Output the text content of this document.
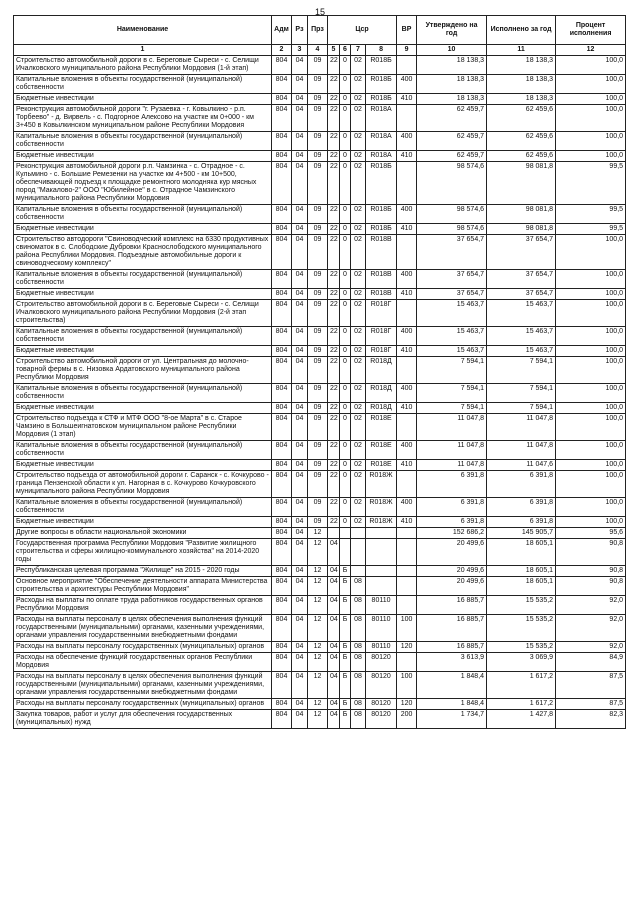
15
Наименование	Адм	Рз	Прз	Цср				ВР	Утверждено на год	Исполнено за год	Процент исполнения
1	2	3	4	5	6	7	8	9	10	11	12
Строительство автомобильной дороги в с. Береговые Сыреси - с. Селищи Ичалковского муниципального района Республики Мордовия (1-й этап)	804	04	09	22	0	02	R018Б		18 138,3	18 138,3	100,0
Капитальные вложения в объекты государственной (муниципальной) собственности	804	04	09	22	0	02	R018Б	400	18 138,3	18 138,3	100,0
Бюджетные инвестиции	804	04	09	22	0	02	R018Б	410	18 138,3	18 138,3	100,0
Реконструкция автомобильной дороги "г. Рузаевка - г. Ковылкино - р.п. Торбеево" - д. Вирвель - с. Подгорное Алексово на участке км 0+000 - км 3+450 в Ковылкинском муниципальном районе Республики Мордовия	804	04	09	22	0	02	R018А		62 459,7	62 459,6	100,0
Капитальные вложения в объекты государственной (муниципальной) собственности	804	04	09	22	0	02	R018А	400	62 459,7	62 459,6	100,0
Бюджетные инвестиции	804	04	09	22	0	02	R018А	410	62 459,7	62 459,6	100,0
Реконструкция автомобильной дороги р.п. Чамзинка - с. Отрадное - с. Кульмино - с. Большие Ремезенки на участке км 4+500 - км 10+500, обеспечивающей подъезд к площадке ремонтного молодняка кур мясных пород "Макалово-2" ООО "Юбилейное" в с. Отрадное Чамзинского муниципального района Республики Мордовия	804	04	09	22	0	02	R018Б		98 574,6	98 081,8	99,5
Капитальные вложения в объекты государственной (муниципальной) собственности	804	04	09	22	0	02	R018Б	400	98 574,6	98 081,8	99,5
Бюджетные инвестиции	804	04	09	22	0	02	R018Б	410	98 574,6	98 081,8	99,5
Строительство автодороги "Свиноводческий комплекс на 6330 продуктивных свиноматок в с. Слободские Дубровки Краснослободского муниципального района Республики Мордовия. Подъездные автомобильные дороги к свиноводческому комплексу"	804	04	09	22	0	02	R018В		37 654,7	37 654,7	100,0
Капитальные вложения в объекты государственной (муниципальной) собственности	804	04	09	22	0	02	R018В	400	37 654,7	37 654,7	100,0
Бюджетные инвестиции	804	04	09	22	0	02	R018В	410	37 654,7	37 654,7	100,0
Строительство автомобильной дороги в с. Береговые Сыреси - с. Селищи Ичалковского муниципального района Республики Мордовия (2-й этап строительства)	804	04	09	22	0	02	R018Г		15 463,7	15 463,7	100,0
Капитальные вложения в объекты государственной (муниципальной) собственности	804	04	09	22	0	02	R018Г	400	15 463,7	15 463,7	100,0
Бюджетные инвестиции	804	04	09	22	0	02	R018Г	410	15 463,7	15 463,7	100,0
Строительство автомобильной дороги от ул. Центральная до молочно-товарной фермы в с. Низовка Ардатовского муниципального района Республики Мордовия	804	04	09	22	0	02	R018Д		7 594,1	7 594,1	100,0
Капитальные вложения в объекты государственной (муниципальной) собственности	804	04	09	22	0	02	R018Д	400	7 594,1	7 594,1	100,0
Бюджетные инвестиции	804	04	09	22	0	02	R018Д	410	7 594,1	7 594,1	100,0
Строительство подъезда к СТФ и МТФ ООО "8-ое Марта" в с. Старое Чамзино в Большеигнатовском муниципальном районе Республики Мордовия (1 этап)	804	04	09	22	0	02	R018Е		11 047,8	11 047,8	100,0
Капитальные вложения в объекты государственной (муниципальной) собственности	804	04	09	22	0	02	R018Е	400	11 047,8	11 047,8	100,0
Бюджетные инвестиции	804	04	09	22	0	02	R018Е	410	11 047,8	11 047,6	100,0
Строительство подъезда от автомобильной дороги г. Саранск - с. Кочкурово - граница Пензенской области к ул. Нагорная в с. Кочкурово Кочкуровского муниципального района Республики Мордовия	804	04	09	22	0	02	R018Ж		6 391,8	6 391,8	100,0
Капитальные вложения в объекты государственной (муниципальной) собственности	804	04	09	22	0	02	R018Ж	400	6 391,8	6 391,8	100,0
Бюджетные инвестиции	804	04	09	22	0	02	R018Ж	410	6 391,8	6 391,8	100,0
Другие вопросы в области национальной экономики	804	04	12						152 686,2	145 905,7	95,6
Государственная программа Республики Мордовия "Развитие жилищного строительства и сферы жилищно-коммунального хозяйства" на 2014-2020 годы	804	04	12	04					20 499,6	18 605,1	90,8
Республиканская целевая программа "Жилище" на 2015 - 2020 годы	804	04	12	04	Б				20 499,6	18 605,1	90,8
Основное мероприятие "Обеспечение деятельности аппарата Министерства строительства и архитектуры Республики Мордовия"	804	04	12	04	Б	08			20 499,6	18 605,1	90,8
Расходы на выплаты по оплате труда работников государственных органов Республики Мордовия	804	04	12	04	Б	08	80110		16 885,7	15 535,2	92,0
Расходы на выплаты персоналу в целях обеспечения выполнения функций государственными (муниципальными) органами, казенными учреждениями, органами управления государственными внебюджетными фондами	804	04	12	04	Б	08	80110	100	16 885,7	15 535,2	92,0
Расходы на выплаты персоналу государственных (муниципальных) органов	804	04	12	04	Б	08	80110	120	16 885,7	15 535,2	92,0
Расходы на обеспечение функций государственных органов Республики Мордовия	804	04	12	04	Б	08	80120		3 613,9	3 069,9	84,9
Расходы на выплаты персоналу в целях обеспечения выполнения функций государственными (муниципальными) органами, казенными учреждениями, органами управления государственными внебюджетными фондами	804	04	12	04	Б	08	80120	100	1 848,4	1 617,2	87,5
Расходы на выплаты персоналу государственных (муниципальных) органов	804	04	12	04	Б	08	80120	120	1 848,4	1 617,2	87,5
Закупка товаров, работ и услуг для обеспечения государственных (муниципальных) нужд	804	04	12	04	Б	08	80120	200	1 734,7	1 427,8	82,3
